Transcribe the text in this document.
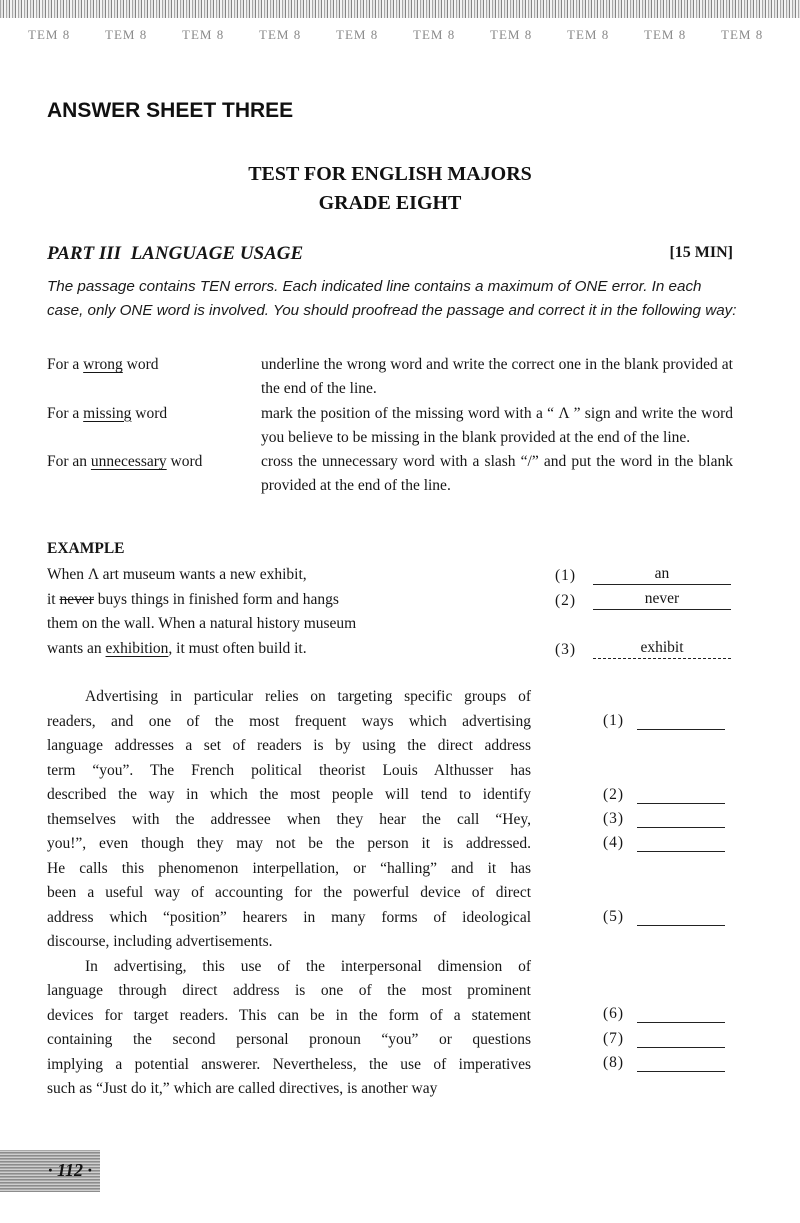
TEM 8	TEM 8	TEM 8	TEM 8	TEM 8	TEM 8	TEM 8	TEM 8	TEM 8	TEM 8
ANSWER SHEET THREE
TEST FOR ENGLISH MAJORS
GRADE EIGHT
PART III  LANGUAGE USAGE	[15 MIN]
The passage contains TEN errors. Each indicated line contains a maximum of ONE error. In each case, only ONE word is involved. You should proofread the passage and correct it in the following way:
For a wrong word	underline the wrong word and write the correct one in the blank provided at the end of the line.
For a missing word	mark the position of the missing word with a “ Λ ” sign and write the word you believe to be missing in the blank provided at the end of the line.
For an unnecessary word	cross the unnecessary word with a slash “/” and put the word in the blank provided at the end of the line.
EXAMPLE
When Λ art museum wants a new exhibit,
it never buys things in finished form and hangs
them on the wall. When a natural history museum
wants an exhibition, it must often build it.
(1)	an
(2)	never
(3)	exhibit
Advertising in particular relies on targeting specific groups of
readers, and one of the most frequent ways which advertising
language addresses a set of readers is by using the direct address
term “you”. The French political theorist Louis Althusser has
described the way in which the most people will tend to identify
themselves with the addressee when they hear the call “Hey,
you!”, even though they may not be the person it is addressed.
He calls this phenomenon interpellation, or “halling” and it has
been a useful way of accounting for the powerful device of direct
address which “position” hearers in many forms of ideological
discourse, including advertisements.
In advertising, this use of the interpersonal dimension of
language through direct address is one of the most prominent
devices for target readers. This can be in the form of a statement
containing the second personal pronoun “you” or questions
implying a potential answerer. Nevertheless, the use of imperatives
such as “Just do it,” which are called directives, is another way
(1)
(2)
(3)
(4)
(5)
(6)
(7)
(8)
· 112 ·
